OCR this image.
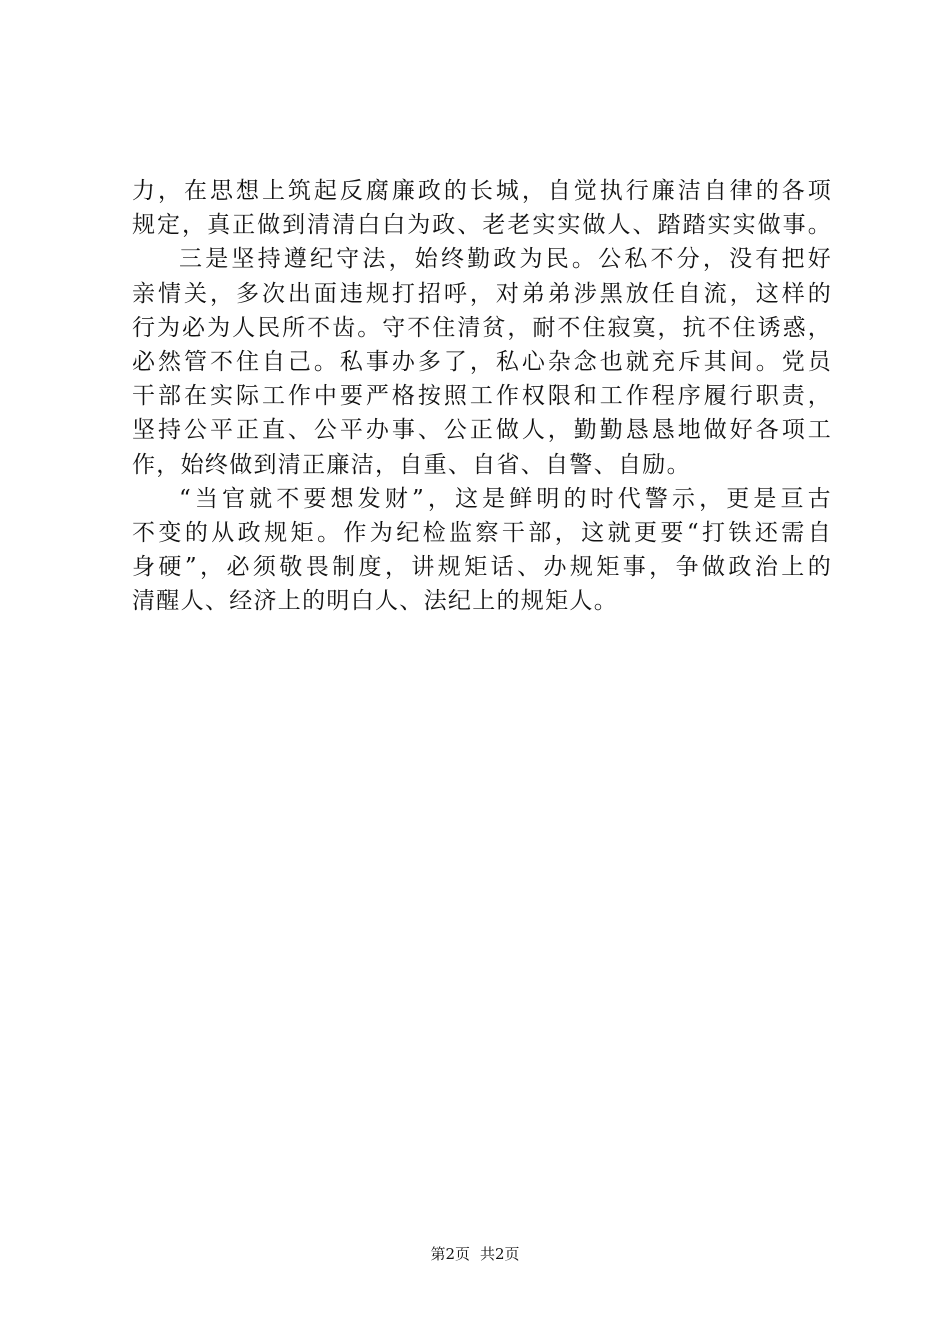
力，在思想上筑起反腐廉政的长城，自觉执行廉洁自律的各项
规定，真正做到清清白白为政、老老实实做人、踏踏实实做事。
三是坚持遵纪守法，始终勤政为民。公私不分，没有把好
亲情关，多次出面违规打招呼，对弟弟涉黑放任自流，这样的
行为必为人民所不齿。守不住清贫，耐不住寂寞，抗不住诱惑，
必然管不住自己。私事办多了，私心杂念也就充斥其间。党员
干部在实际工作中要严格按照工作权限和工作程序履行职责，
坚持公平正直、公平办事、公正做人，勤勤恳恳地做好各项工
作，始终做到清正廉洁，自重、自省、自警、自励。
“当官就不要想发财”，这是鲜明的时代警示，更是亘古
不变的从政规矩。作为纪检监察干部，这就更要“打铁还需自
身硬”，必须敬畏制度，讲规矩话、办规矩事，争做政治上的
清醒人、经济上的明白人、法纪上的规矩人。
第2页 共2页
